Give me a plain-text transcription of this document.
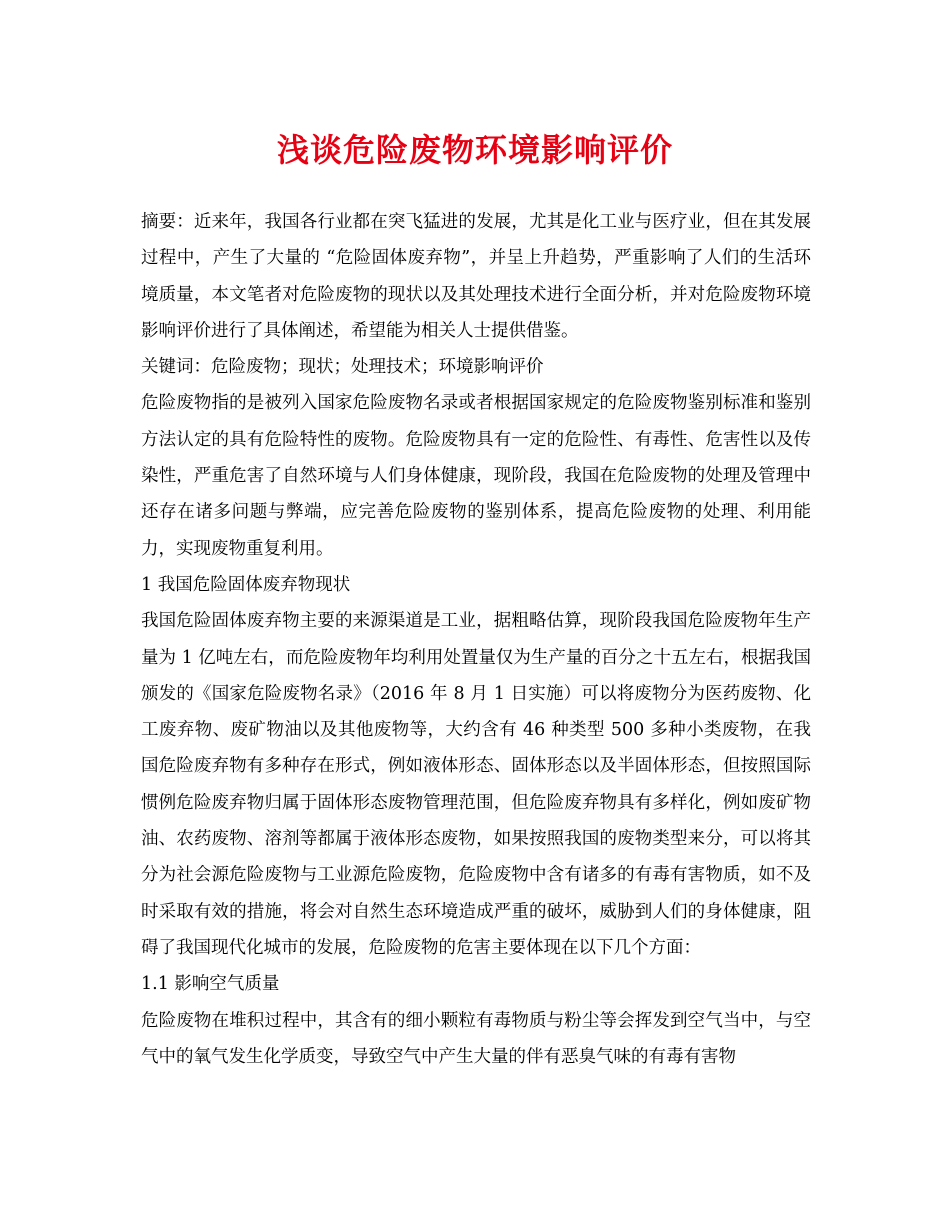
浅谈危险废物环境影响评价

摘要：近来年，我国各行业都在突飞猛进的发展，尤其是化工业与医疗业，但在其发展过程中，产生了大量的 “危险固体废弃物”，并呈上升趋势，严重影响了人们的生活环境质量，本文笔者对危险废物的现状以及其处理技术进行全面分析，并对危险废物环境影响评价进行了具体阐述，希望能为相关人士提供借鉴。

关键词：危险废物；现状；处理技术；环境影响评价

危险废物指的是被列入国家危险废物名录或者根据国家规定的危险废物鉴别标准和鉴别方法认定的具有危险特性的废物。危险废物具有一定的危险性、有毒性、危害性以及传染性，严重危害了自然环境与人们身体健康，现阶段，我国在危险废物的处理及管理中还存在诸多问题与弊端，应完善危险废物的鉴别体系，提高危险废物的处理、利用能力，实现废物重复利用。

1 我国危险固体废弃物现状

我国危险固体废弃物主要的来源渠道是工业，据粗略估算，现阶段我国危险废物年生产量为 1 亿吨左右，而危险废物年均利用处置量仅为生产量的百分之十五左右，根据我国颁发的《国家危险废物名录》（2016 年 8 月 1 日实施）可以将废物分为医药废物、化工废弃物、废矿物油以及其他废物等，大约含有 46 种类型 500 多种小类废物，在我国危险废弃物有多种存在形式，例如液体形态、固体形态以及半固体形态，但按照国际惯例危险废弃物归属于固体形态废物管理范围，但危险废弃物具有多样化，例如废矿物油、农药废物、溶剂等都属于液体形态废物，如果按照我国的废物类型来分，可以将其分为社会源危险废物与工业源危险废物，危险废物中含有诸多的有毒有害物质，如不及时采取有效的措施，将会对自然生态环境造成严重的破坏，威胁到人们的身体健康，阻碍了我国现代化城市的发展，危险废物的危害主要体现在以下几个方面：

1.1 影响空气质量

危险废物在堆积过程中，其含有的细小颗粒有毒物质与粉尘等会挥发到空气当中，与空气中的氧气发生化学质变，导致空气中产生大量的伴有恶臭气味的有毒有害物
